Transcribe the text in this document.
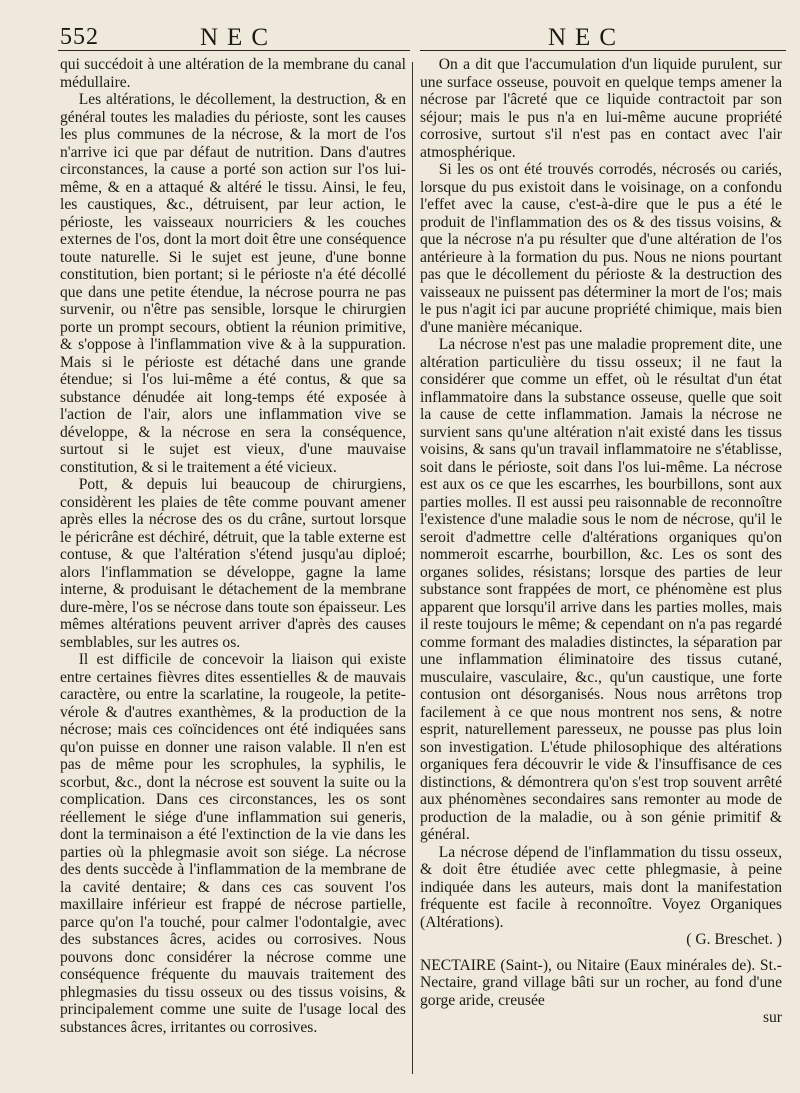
552	NEC	NEC

qui succédoit à une altération de la membrane du canal médullaire.

Les altérations, le décollement, la destruction, & en général toutes les maladies du périoste, sont les causes les plus communes de la nécrose, & la mort de l'os n'arrive ici que par défaut de nutrition. Dans d'autres circonstances, la cause a porté son action sur l'os lui-même, & en a attaqué & altéré le tissu. Ainsi, le feu, les caustiques, &c., détruisent, par leur action, le périoste, les vaisseaux nourriciers & les couches externes de l'os, dont la mort doit être une conséquence toute naturelle. Si le sujet est jeune, d'une bonne constitution, bien portant; si le périoste n'a été décollé que dans une petite étendue, la nécrose pourra ne pas survenir, ou n'être pas sensible, lorsque le chirurgien porte un prompt secours, obtient la réunion primitive, & s'oppose à l'inflammation vive & à la suppuration. Mais si le périoste est détaché dans une grande étendue; si l'os lui-même a été contus, & que sa substance dénudée ait long-temps été exposée à l'action de l'air, alors une inflammation vive se développe, & la nécrose en sera la conséquence, surtout si le sujet est vieux, d'une mauvaise constitution, & si le traitement a été vicieux.

Pott, & depuis lui beaucoup de chirurgiens, considèrent les plaies de tête comme pouvant amener après elles la nécrose des os du crâne, surtout lorsque le péricrâne est déchiré, détruit, que la table externe est contuse, & que l'altération s'étend jusqu'au diploé; alors l'inflammation se développe, gagne la lame interne, & produisant le détachement de la membrane dure-mère, l'os se nécrose dans toute son épaisseur. Les mêmes altérations peuvent arriver d'après des causes semblables, sur les autres os.

Il est difficile de concevoir la liaison qui existe entre certaines fièvres dites essentielles & de mauvais caractère, ou entre la scarlatine, la rougeole, la petite-vérole & d'autres exanthèmes, & la production de la nécrose; mais ces coïncidences ont été indiquées sans qu'on puisse en donner une raison valable. Il n'en est pas de même pour les scrophules, la syphilis, le scorbut, &c., dont la nécrose est souvent la suite ou la complication. Dans ces circonstances, les os sont réellement le siége d'une inflammation sui generis, dont la terminaison a été l'extinction de la vie dans les parties où la phlegmasie avoit son siége. La nécrose des dents succède à l'inflammation de la membrane de la cavité dentaire; & dans ces cas souvent l'os maxillaire inférieur est frappé de nécrose partielle, parce qu'on l'a touché, pour calmer l'odontalgie, avec des substances âcres, acides ou corrosives. Nous pouvons donc considérer la nécrose comme une conséquence fréquente du mauvais traitement des phlegmasies du tissu osseux ou des tissus voisins, & principalement comme une suite de l'usage local des substances âcres, irritantes ou corrosives.

On a dit que l'accumulation d'un liquide purulent, sur une surface osseuse, pouvoit en quelque temps amener la nécrose par l'âcreté que ce liquide contractoit par son séjour; mais le pus n'a en lui-même aucune propriété corrosive, surtout s'il n'est pas en contact avec l'air atmosphérique.

Si les os ont été trouvés corrodés, nécrosés ou cariés, lorsque du pus existoit dans le voisinage, on a confondu l'effet avec la cause, c'est-à-dire que le pus a été le produit de l'inflammation des os & des tissus voisins, & que la nécrose n'a pu résulter que d'une altération de l'os antérieure à la formation du pus. Nous ne nions pourtant pas que le décollement du périoste & la destruction des vaisseaux ne puissent pas déterminer la mort de l'os; mais le pus n'agit ici par aucune propriété chimique, mais bien d'une manière mécanique.

La nécrose n'est pas une maladie proprement dite, une altération particulière du tissu osseux; il ne faut la considérer que comme un effet, où le résultat d'un état inflammatoire dans la substance osseuse, quelle que soit la cause de cette inflammation. Jamais la nécrose ne survient sans qu'une altération n'ait existé dans les tissus voisins, & sans qu'un travail inflammatoire ne s'établisse, soit dans le périoste, soit dans l'os lui-même. La nécrose est aux os ce que les escarrhes, les bourbillons, sont aux parties molles. Il est aussi peu raisonnable de reconnoître l'existence d'une maladie sous le nom de nécrose, qu'il le seroit d'admettre celle d'altérations organiques qu'on nommeroit escarrhe, bourbillon, &c. Les os sont des organes solides, résistans; lorsque des parties de leur substance sont frappées de mort, ce phénomène est plus apparent que lorsqu'il arrive dans les parties molles, mais il reste toujours le même; & cependant on n'a pas regardé comme formant des maladies distinctes, la séparation par une inflammation éliminatoire des tissus cutané, musculaire, vasculaire, &c., qu'un caustique, une forte contusion ont désorganisés. Nous nous arrêtons trop facilement à ce que nous montrent nos sens, & notre esprit, naturellement paresseux, ne pousse pas plus loin son investigation. L'étude philosophique des altérations organiques fera découvrir le vide & l'insuffisance de ces distinctions, & démontrera qu'on s'est trop souvent arrêté aux phénomènes secondaires sans remonter au mode de production de la maladie, ou à son génie primitif & général.

La nécrose dépend de l'inflammation du tissu osseux, & doit être étudiée avec cette phlegmasie, à peine indiquée dans les auteurs, mais dont la manifestation fréquente est facile à reconnoître. Voyez Organiques (Altérations).

( G. Breschet. )

NECTAIRE (Saint-), ou Nitaire (Eaux minérales de). St.-Nectaire, grand village bâti sur un rocher, au fond d'une gorge aride, creusée

sur
